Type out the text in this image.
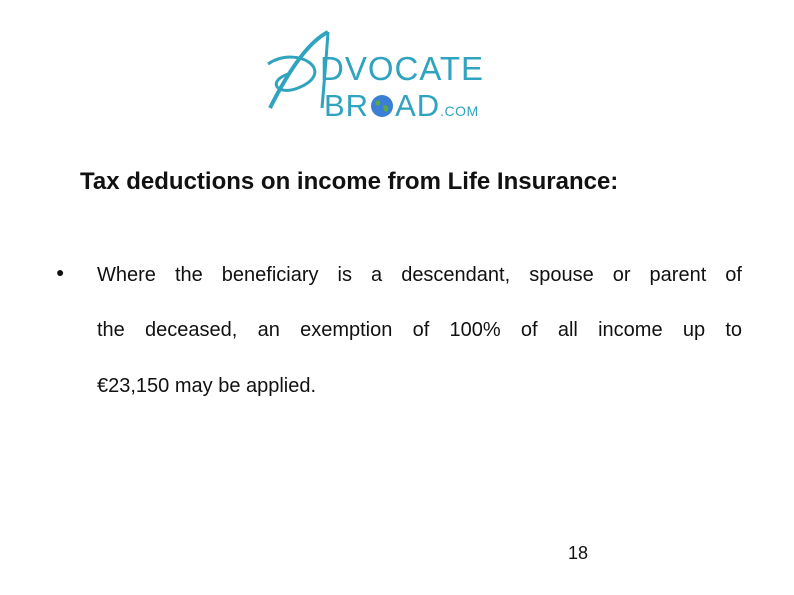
DVOCATE
BR AD.COM
Tax deductions on income from Life Insurance:
● Where the beneficiary is a descendant, spouse or parent of
the deceased, an exemption of 100% of all income up to
€23,150 may be applied.
18
